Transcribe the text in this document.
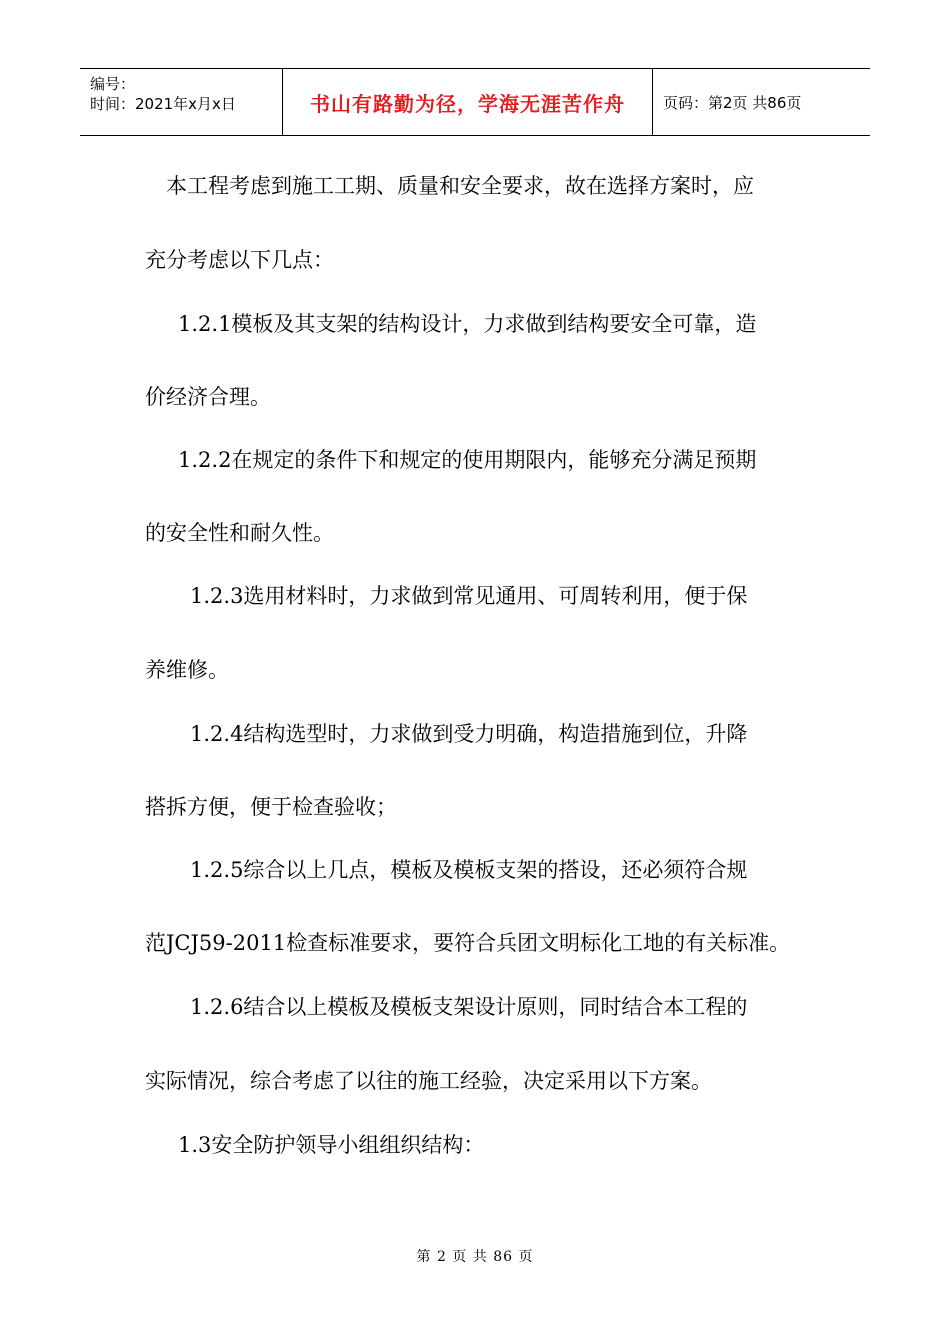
编号：
时间：2021年x月x日	书山有路勤为径，学海无涯苦作舟	页码：第2页 共86页

本工程考虑到施工工期、质量和安全要求，故在选择方案时，应

充分考虑以下几点：

1.2.1模板及其支架的结构设计，力求做到结构要安全可靠，造

价经济合理。

1.2.2在规定的条件下和规定的使用期限内，能够充分满足预期

的安全性和耐久性。

1.2.3选用材料时，力求做到常见通用、可周转利用，便于保

养维修。

1.2.4结构选型时，力求做到受力明确，构造措施到位，升降

搭拆方便，便于检查验收；

1.2.5综合以上几点，模板及模板支架的搭设，还必须符合规

范JCJ59-2011检查标准要求，要符合兵团文明标化工地的有关标准。

1.2.6结合以上模板及模板支架设计原则，同时结合本工程的

实际情况，综合考虑了以往的施工经验，决定采用以下方案。

1.3安全防护领导小组组织结构：

第 2 页 共 86 页
